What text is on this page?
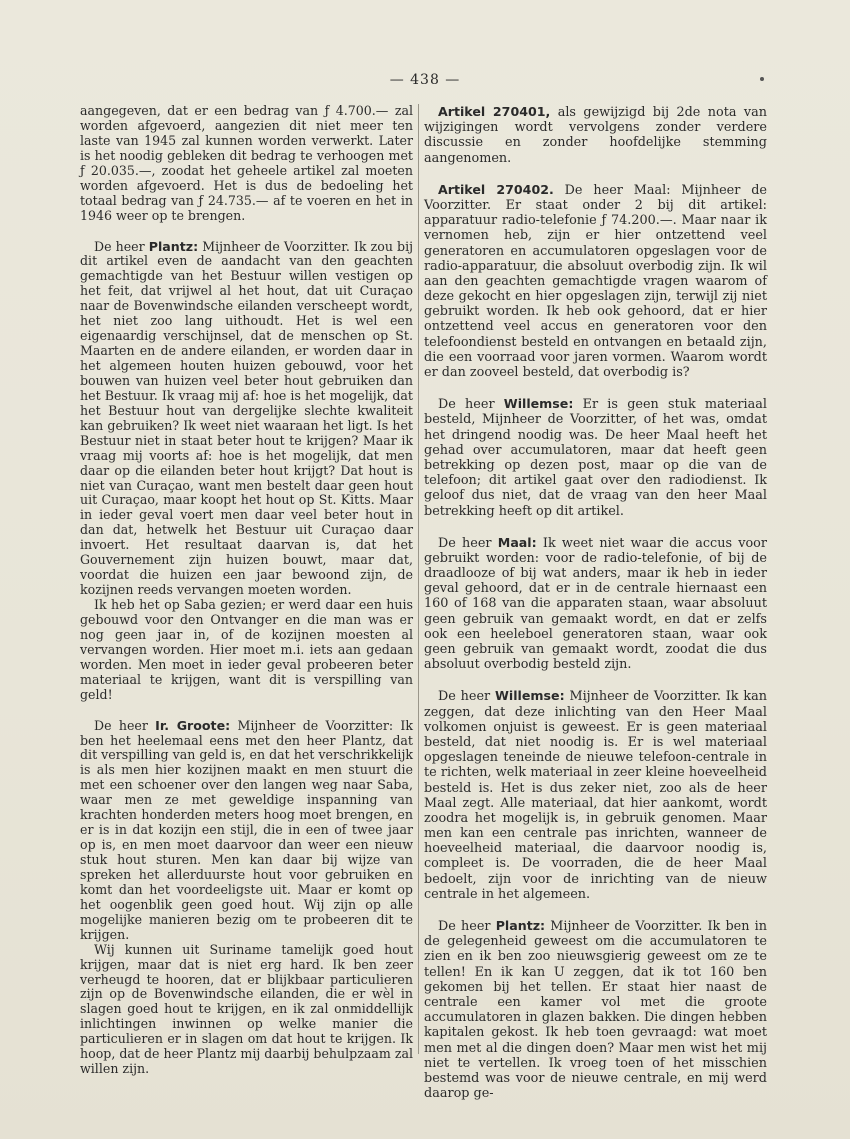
— 438 —

aangegeven, dat er een bedrag van ƒ 4.700.— zal worden afgevoerd, aangezien dit niet meer ten laste van 1945 zal kunnen worden verwerkt. Later is het noodig gebleken dit bedrag te verhoogen met ƒ 20.035.—, zoodat het geheele artikel zal moeten worden afgevoerd. Het is dus de bedoeling het totaal bedrag van ƒ 24.735.— af te voeren en het in 1946 weer op te brengen.

De heer Plantz: Mijnheer de Voorzitter. Ik zou bij dit artikel even de aandacht van den geachten gemachtigde van het Bestuur willen vestigen op het feit, dat vrijwel al het hout, dat uit Curaçao naar de Bovenwindsche eilanden verscheept wordt, het niet zoo lang uithoudt. Het is wel een eigenaardig verschijnsel, dat de menschen op St. Maarten en de andere eilanden, er worden daar in het algemeen houten huizen gebouwd, voor het bouwen van huizen veel beter hout gebruiken dan het Bestuur. Ik vraag mij af: hoe is het mogelijk, dat het Bestuur hout van dergelijke slechte kwaliteit kan gebruiken? Ik weet niet waaraan het ligt. Is het Bestuur niet in staat beter hout te krijgen? Maar ik vraag mij voorts af: hoe is het mogelijk, dat men daar op die eilanden beter hout krijgt? Dat hout is niet van Curaçao, want men bestelt daar geen hout uit Curaçao, maar koopt het hout op St. Kitts. Maar in ieder geval voert men daar veel beter hout in dan dat, hetwelk het Bestuur uit Curaçao daar invoert. Het resultaat daarvan is, dat het Gouvernement zijn huizen bouwt, maar dat, voordat die huizen een jaar bewoond zijn, de kozijnen reeds vervangen moeten worden.

Ik heb het op Saba gezien; er werd daar een huis gebouwd voor den Ontvanger en die man was er nog geen jaar in, of de kozijnen moesten al vervangen worden. Hier moet m.i. iets aan gedaan worden. Men moet in ieder geval probeeren beter materiaal te krijgen, want dit is verspilling van geld!

De heer Ir. Groote: Mijnheer de Voorzitter: Ik ben het heelemaal eens met den heer Plantz, dat dit verspilling van geld is, en dat het verschrikkelijk is als men hier kozijnen maakt en men stuurt die met een schoener over den langen weg naar Saba, waar men ze met geweldige inspanning van krachten honderden meters hoog moet brengen, en er is in dat kozijn een stijl, die in een of twee jaar op is, en men moet daarvoor dan weer een nieuw stuk hout sturen. Men kan daar bij wijze van spreken het allerduurste hout voor gebruiken en komt dan het voordeeligste uit. Maar er komt op het oogenblik geen goed hout. Wij zijn op alle mogelijke manieren bezig om te probeeren dit te krijgen.

Wij kunnen uit Suriname tamelijk goed hout krijgen, maar dat is niet erg hard. Ik ben zeer verheugd te hooren, dat er blijkbaar particulieren zijn op de Bovenwindsche eilanden, die er wèl in slagen goed hout te krijgen, en ik zal onmiddellijk inlichtingen inwinnen op welke manier die particulieren er in slagen om dat hout te krijgen. Ik hoop, dat de heer Plantz mij daarbij behulpzaam zal willen zijn.

Artikel 270401, als gewijzigd bij 2de nota van wijzigingen wordt vervolgens zonder verdere discussie en zonder hoofdelijke stemming aangenomen.

Artikel 270402. De heer Maal: Mijnheer de Voorzitter. Er staat onder 2 bij dit artikel: apparatuur radio-telefonie ƒ 74.200.—. Maar naar ik vernomen heb, zijn er hier ontzettend veel generatoren en accumulatoren opgeslagen voor de radio-apparatuur, die absoluut overbodig zijn. Ik wil aan den geachten gemachtigde vragen waarom of deze gekocht en hier opgeslagen zijn, terwijl zij niet gebruikt worden. Ik heb ook gehoord, dat er hier ontzettend veel accus en generatoren voor den telefoondienst besteld en ontvangen en betaald zijn, die een voorraad voor jaren vormen. Waarom wordt er dan zooveel besteld, dat overbodig is?

De heer Willemse: Er is geen stuk materiaal besteld, Mijnheer de Voorzitter, of het was, omdat het dringend noodig was. De heer Maal heeft het gehad over accumulatoren, maar dat heeft geen betrekking op dezen post, maar op die van de telefoon; dit artikel gaat over den radiodienst. Ik geloof dus niet, dat de vraag van den heer Maal betrekking heeft op dit artikel.

De heer Maal: Ik weet niet waar die accus voor gebruikt worden: voor de radio-telefonie, of bij de draadlooze of bij wat anders, maar ik heb in ieder geval gehoord, dat er in de centrale hiernaast een 160 of 168 van die apparaten staan, waar absoluut geen gebruik van gemaakt wordt, en dat er zelfs ook een heeleboel generatoren staan, waar ook geen gebruik van gemaakt wordt, zoodat die dus absoluut overbodig besteld zijn.

De heer Willemse: Mijnheer de Voorzitter. Ik kan zeggen, dat deze inlichting van den Heer Maal volkomen onjuist is geweest. Er is geen materiaal besteld, dat niet noodig is. Er is wel materiaal opgeslagen teneinde de nieuwe telefoon-centrale in te richten, welk materiaal in zeer kleine hoeveelheid besteld is. Het is dus zeker niet, zoo als de heer Maal zegt. Alle materiaal, dat hier aankomt, wordt zoodra het mogelijk is, in gebruik genomen. Maar men kan een centrale pas inrichten, wanneer de hoeveelheid materiaal, die daarvoor noodig is, compleet is. De voorraden, die de heer Maal bedoelt, zijn voor de inrichting van de nieuw centrale in het algemeen.

De heer Plantz: Mijnheer de Voorzitter. Ik ben in de gelegenheid geweest om die accumulatoren te zien en ik ben zoo nieuwsgierig geweest om ze te tellen! En ik kan U zeggen, dat ik tot 160 ben gekomen bij het tellen. Er staat hier naast de centrale een kamer vol met die groote accumulatoren in glazen bakken. Die dingen hebben kapitalen gekost. Ik heb toen gevraagd: wat moet men met al die dingen doen? Maar men wist het mij niet te vertellen. Ik vroeg toen of het misschien bestemd was voor de nieuwe centrale, en mij werd daarop ge-
